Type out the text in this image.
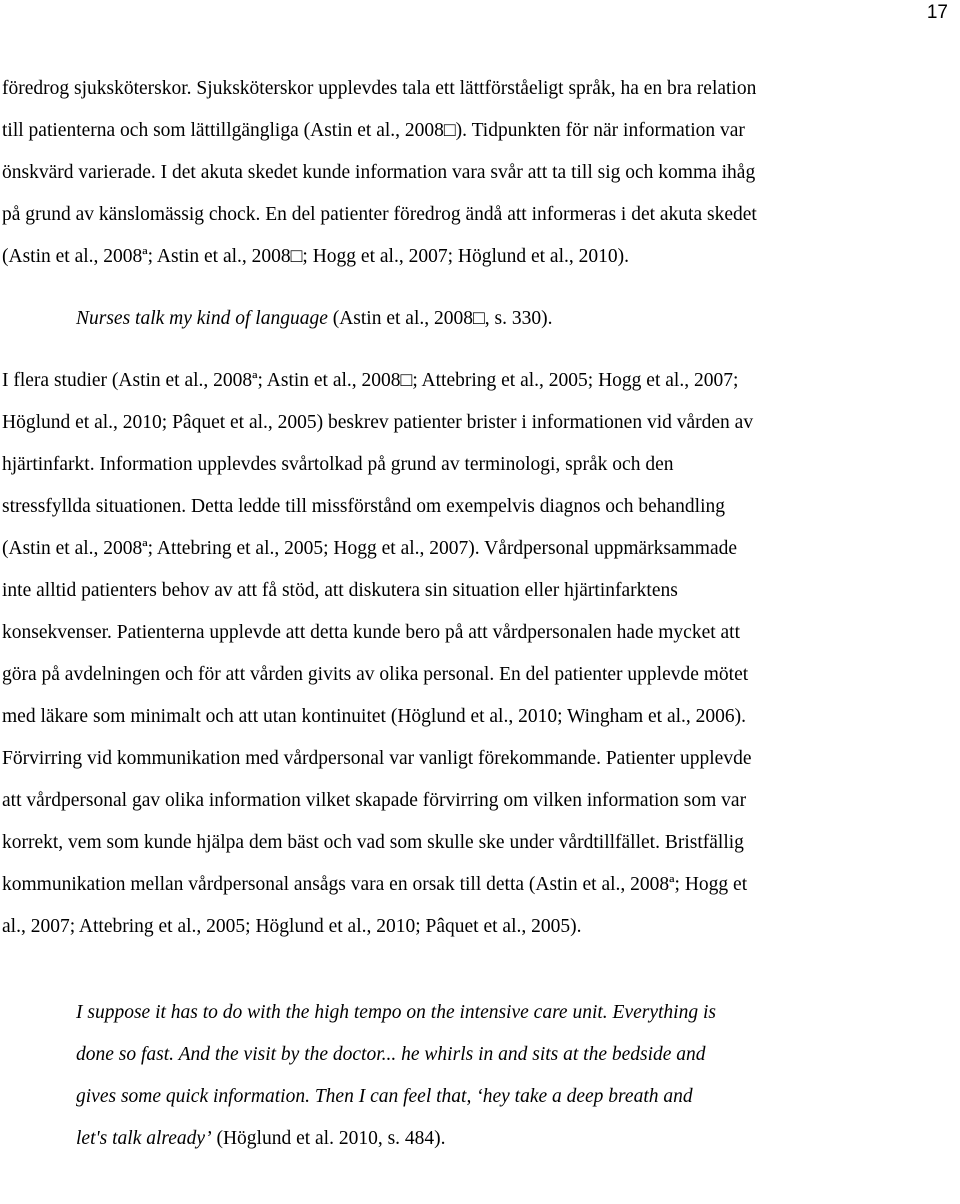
17
föredrog sjuksköterskor. Sjuksköterskor upplevdes tala ett lättförståeligt språk, ha en bra relation
till patienterna och som lättillgängliga (Astin et al., 2008□). Tidpunkten för när information var
önskvärd varierade. I det akuta skedet kunde information vara svår att ta till sig och komma ihåg
på grund av känslomässig chock. En del patienter föredrog ändå att informeras i det akuta skedet
(Astin et al., 2008ª; Astin et al., 2008□; Hogg et al., 2007; Höglund et al., 2010).
Nurses talk my kind of language (Astin et al., 2008□, s. 330).
I flera studier (Astin et al., 2008ª; Astin et al., 2008□; Attebring et al., 2005; Hogg et al., 2007;
Höglund et al., 2010; Pâquet et al., 2005) beskrev patienter brister i informationen vid vården av
hjärtinfarkt. Information upplevdes svårtolkad på grund av terminologi, språk och den
stressfyllda situationen. Detta ledde till missförstånd om exempelvis diagnos och behandling
(Astin et al., 2008ª; Attebring et al., 2005; Hogg et al., 2007). Vårdpersonal uppmärksammade
inte alltid patienters behov av att få stöd, att diskutera sin situation eller hjärtinfarktens
konsekvenser. Patienterna upplevde att detta kunde bero på att vårdpersonalen hade mycket att
göra på avdelningen och för att vården givits av olika personal. En del patienter upplevde mötet
med läkare som minimalt och att utan kontinuitet (Höglund et al., 2010; Wingham et al., 2006).
Förvirring vid kommunikation med vårdpersonal var vanligt förekommande. Patienter upplevde
att vårdpersonal gav olika information vilket skapade förvirring om vilken information som var
korrekt, vem som kunde hjälpa dem bäst och vad som skulle ske under vårdtillfället. Bristfällig
kommunikation mellan vårdpersonal ansågs vara en orsak till detta (Astin et al., 2008ª; Hogg et
al., 2007; Attebring et al., 2005; Höglund et al., 2010; Pâquet et al., 2005).
I suppose it has to do with the high tempo on the intensive care unit. Everything is
done so fast. And the visit by the doctor... he whirls in and sits at the bedside and
gives some quick information. Then I can feel that, ‘hey take a deep breath and
let's talk already’ (Höglund et al. 2010, s. 484).
